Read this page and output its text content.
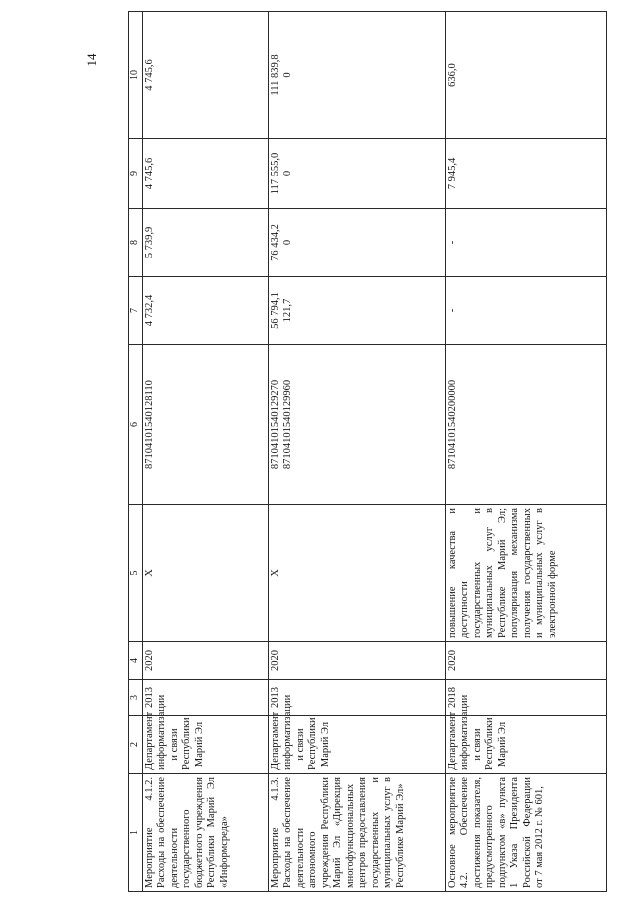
14
1	2	3	4	5	6	7	8	9	10
Мероприятие 4.1.2. Расходы на обеспечение деятельности государственного бюджетного учреждения Республики Марий Эл «Информсреда»	Департамент информатизации и связи Республики Марий Эл	2013	2020	Х	87104101540128110	4 732,4	5 739,9	4 745,6	4 745,6

Мероприятие 4.1.3. Расходы на обеспечение деятельности автономного учреждения Республики Марий Эл «Дирекция многофункциональных центров предоставления государственных и муниципальных услуг в Республике Марий Эл»	Департамент информатизации и связи Республики Марий Эл	2013	2020	Х	87104101540129270 87104101540129960	56 794,1 121,7	76 434,2 0	117 555,0 0	111 839,8 0

Основное мероприятие 4.2. Обеспечение достижения показателя, предусмотренного подпунктом «в» пункта 1 Указа Президента Российской Федерации от 7 мая 2012 г. № 601,	Департамент информатизации и связи Республики Марий Эл	2018	2020	повышение качества и доступности государственных и муниципальных услуг в Республике Марий Эл; популяризация механизма получения государственных и муниципальных услуг в электронной форме	87104101540200000	-	-	7 945,4	636,0
